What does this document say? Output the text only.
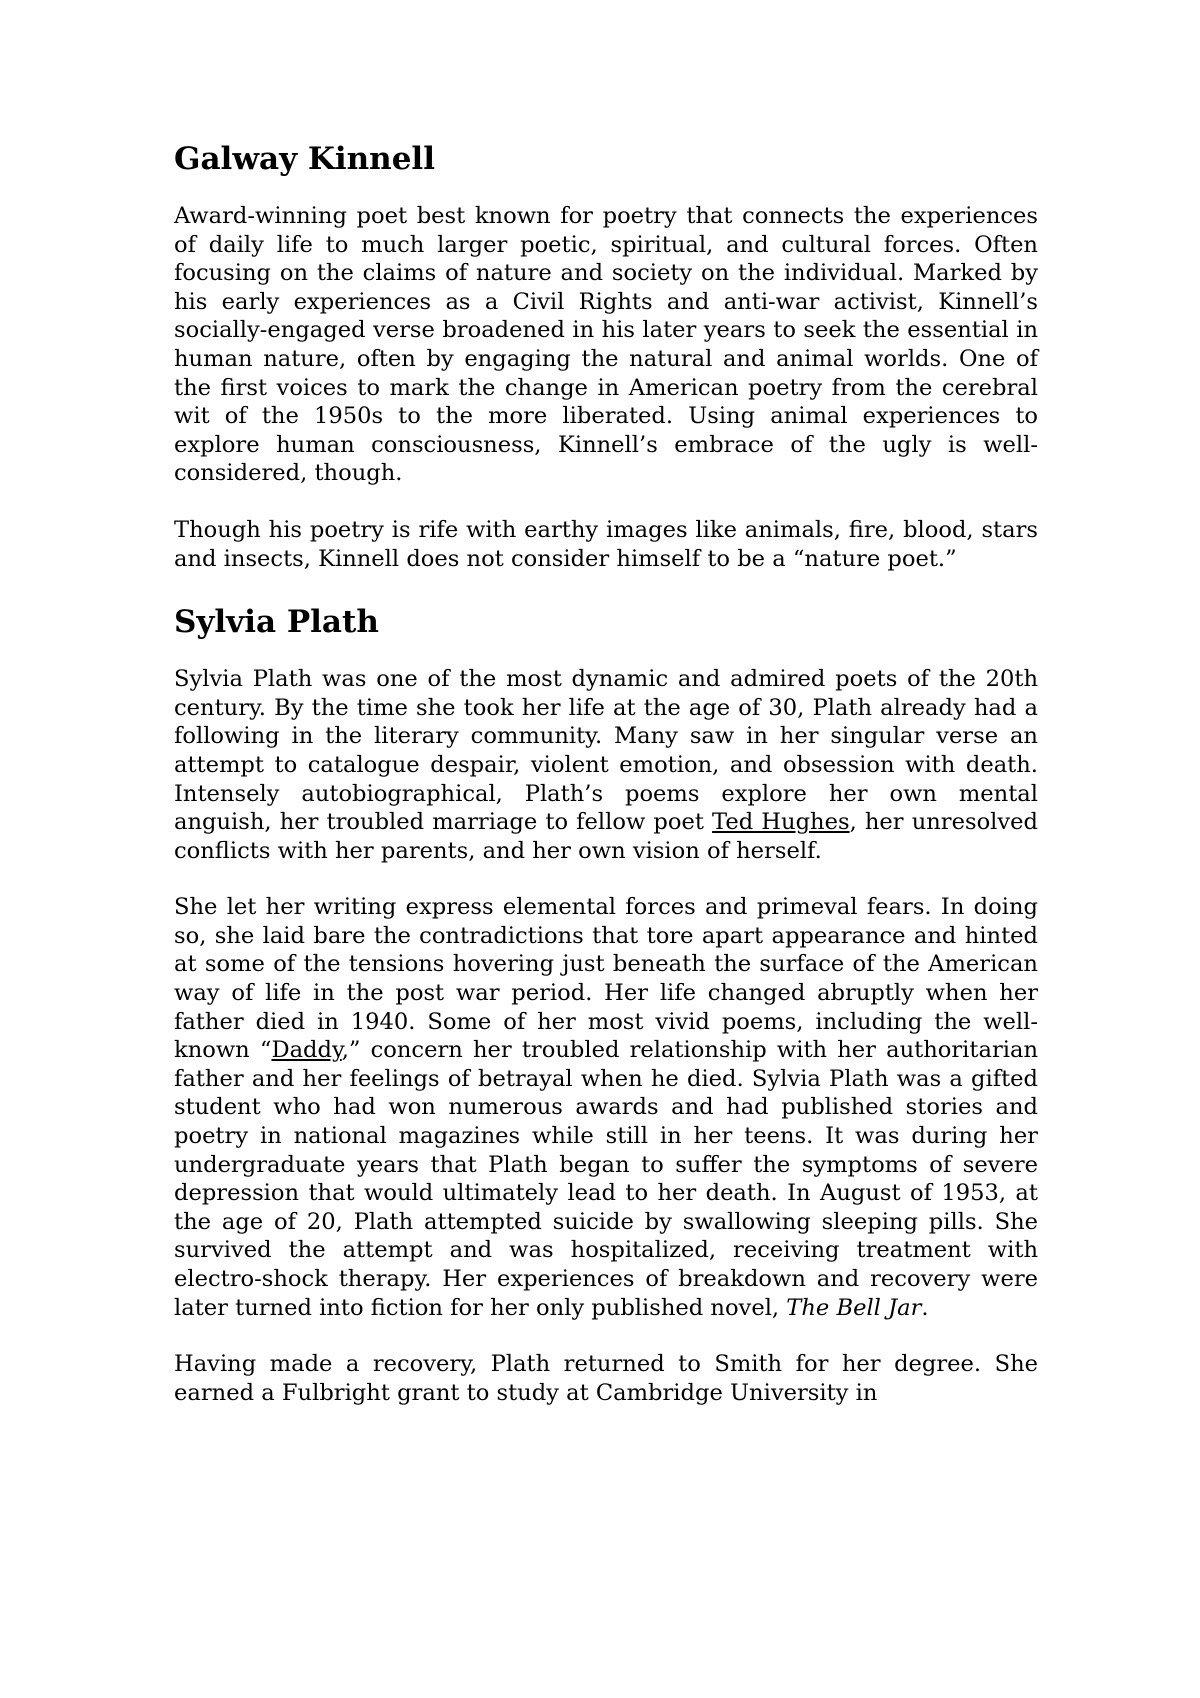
Galway Kinnell

Award-winning poet best known for poetry that connects the experiences of daily life to much larger poetic, spiritual, and cultural forces. Often focusing on the claims of nature and society on the individual. Marked by his early experiences as a Civil Rights and anti-war activist, Kinnell’s socially-engaged verse broadened in his later years to seek the essential in human nature, often by engaging the natural and animal worlds. One of the first voices to mark the change in American poetry from the cerebral wit of the 1950s to the more liberated. Using animal experiences to explore human consciousness, Kinnell’s embrace of the ugly is well-considered, though.

Though his poetry is rife with earthy images like animals, fire, blood, stars and insects, Kinnell does not consider himself to be a “nature poet.”

Sylvia Plath

Sylvia Plath was one of the most dynamic and admired poets of the 20th century. By the time she took her life at the age of 30, Plath already had a following in the literary community. Many saw in her singular verse an attempt to catalogue despair, violent emotion, and obsession with death. Intensely autobiographical, Plath’s poems explore her own mental anguish, her troubled marriage to fellow poet Ted Hughes, her unresolved conflicts with her parents, and her own vision of herself.

She let her writing express elemental forces and primeval fears. In doing so, she laid bare the contradictions that tore apart appearance and hinted at some of the tensions hovering just beneath the surface of the American way of life in the post war period. Her life changed abruptly when her father died in 1940. Some of her most vivid poems, including the well-known “Daddy,” concern her troubled relationship with her authoritarian father and her feelings of betrayal when he died. Sylvia Plath was a gifted student who had won numerous awards and had published stories and poetry in national magazines while still in her teens. It was during her undergraduate years that Plath began to suffer the symptoms of severe depression that would ultimately lead to her death. In August of 1953, at the age of 20, Plath attempted suicide by swallowing sleeping pills. She survived the attempt and was hospitalized, receiving treatment with electro-shock therapy. Her experiences of breakdown and recovery were later turned into fiction for her only published novel, The Bell Jar.

Having made a recovery, Plath returned to Smith for her degree. She earned a Fulbright grant to study at Cambridge University in
